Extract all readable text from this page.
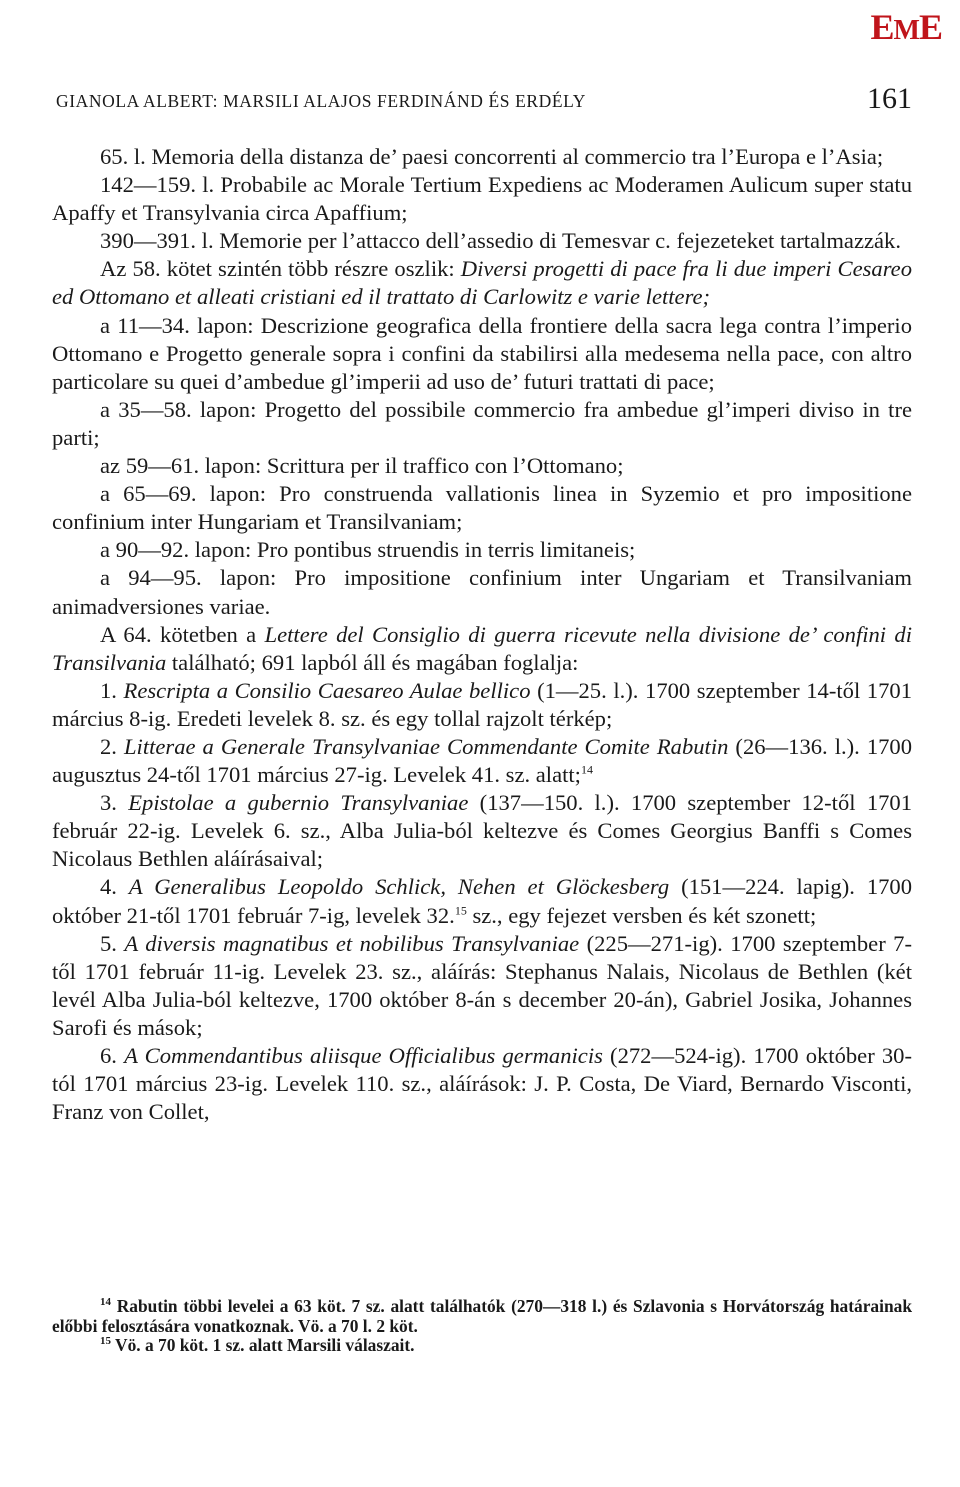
EME
GIANOLA ALBERT: MARSILI ALAJOS FERDINÁND ÉS ERDÉLY	161

65. l. Memoria della distanza de’ paesi concorrenti al commercio tra l’Europa e l’Asia;

142—159. l. Probabile ac Morale Tertium Expediens ac Moderamen Aulicum super statu Apaffy et Transylvania circa Apaffium;

390—391. l. Memorie per l’attacco dell’assedio di Temesvar c. fejezeteket tartalmazzák.

Az 58. kötet szintén több részre oszlik: Diversi progetti di pace fra li due imperi Cesareo ed Ottomano et alleati cristiani ed il trattato di Carlowitz e varie lettere;

a 11—34. lapon: Descrizione geografica della frontiere della sacra lega contra l’imperio Ottomano e Progetto generale sopra i confini da stabilirsi alla medesema nella pace, con altro particolare su quei d’ambedue gl’imperii ad uso de’ futuri trattati di pace;

a 35—58. lapon: Progetto del possibile commercio fra ambedue gl’imperi diviso in tre parti;

az 59—61. lapon: Scrittura per il traffico con l’Ottomano;

a 65—69. lapon: Pro construenda vallationis linea in Syzemio et pro impositione confinium inter Hungariam et Transilvaniam;

a 90—92. lapon: Pro pontibus struendis in terris limitaneis;

a 94—95. lapon: Pro impositione confinium inter Ungariam et Transilvaniam animadversiones variae.

A 64. kötetben a Lettere del Consiglio di guerra ricevute nella divisione de’ confini di Transilvania található; 691 lapból áll és magában foglalja:

1. Rescripta a Consilio Caesareo Aulae bellico (1—25. l.). 1700 szeptember 14-től 1701 március 8-ig. Eredeti levelek 8. sz. és egy tollal rajzolt térkép;

2. Litterae a Generale Transylvaniae Commendante Comite Rabutin (26—136. l.). 1700 augusztus 24-től 1701 március 27-ig. Levelek 41. sz. alatt;$^{14}$

3. Epistolae a gubernio Transylvaniae (137—150. l.). 1700 szeptember 12-től 1701 február 22-ig. Levelek 6. sz., Alba Julia-ból keltezve és Comes Georgius Banffi s Comes Nicolaus Bethlen aláírásaival;

4. A Generalibus Leopoldo Schlick, Nehen et Glöckesberg (151—224. lapig). 1700 október 21-től 1701 február 7-ig, levelek 32.15 sz., egy fejezet versben és két szonett;

5. A diversis magnatibus et nobilibus Transylvaniae (225—271-ig). 1700 szeptember 7-től 1701 február 11-ig. Levelek 23. sz., aláírás: Stephanus Nalais, Nicolaus de Bethlen (két levél Alba Julia-ból keltezve, 1700 október 8-án s december 20-án), Gabriel Josika, Johannes Sarofi és mások;

6. A Commendantibus aliisque Officialibus germanicis (272—524-ig). 1700 október 30-tól 1701 március 23-ig. Levelek 110. sz., aláírások: J. P. Costa, De Viard, Bernardo Visconti, Franz von Collet,

$^{14}$ Rabutin többi levelei a 63 köt. 7 sz. alatt találhatók (270—318 l.) és Szlavonia s Horvátország határainak előbbi felosztására vonatkoznak. Vö. a 70 l. 2 köt.

$^{15}$ Vö. a 70 köt. 1 sz. alatt Marsili válaszait.
